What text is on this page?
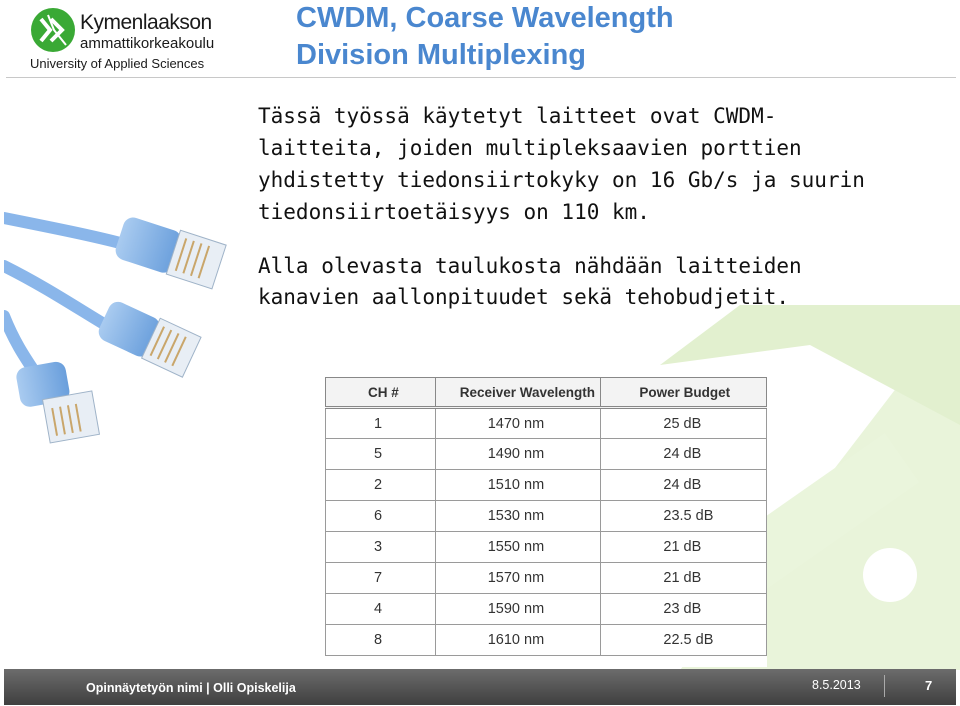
Kymenlaakson
ammattikorkeakoulu
University of Applied Sciences
CWDM, Coarse Wavelength
Division Multiplexing
Tässä työssä käytetyt laitteet ovat CWDM-
laitteita, joiden multipleksaavien porttien
yhdistetty tiedonsiirtokyky on 16 Gb/s ja suurin
tiedonsiirtoetäisyys on 110 km.
Alla olevasta taulukosta nähdään laitteiden
kanavien aallonpituudet sekä tehobudjetit.
CH #	Receiver Wavelength	Power Budget
1	1470 nm	25 dB
5	1490 nm	24 dB
2	1510 nm	24 dB
6	1530 nm	23.5 dB
3	1550 nm	21 dB
7	1570 nm	21 dB
4	1590 nm	23 dB
8	1610 nm	22.5 dB
Opinnäytetyön nimi | Olli Opiskelija	8.5.2013	7
